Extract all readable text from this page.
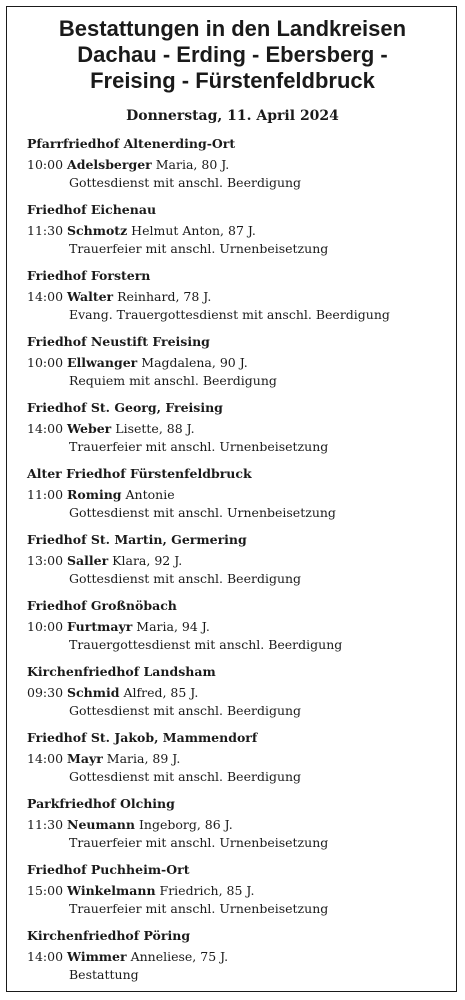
Bestattungen in den Landkreisen
Dachau - Erding - Ebersberg -
Freising - Fürstenfeldbruck
Donnerstag, 11. April 2024
Pfarrfriedhof Altenerding-Ort
10:00 Adelsberger Maria, 80 J.
Gottesdienst mit anschl. Beerdigung
Friedhof Eichenau
11:30 Schmotz Helmut Anton, 87 J.
Trauerfeier mit anschl. Urnenbeisetzung
Friedhof Forstern
14:00 Walter Reinhard, 78 J.
Evang. Trauergottesdienst mit anschl. Beerdigung
Friedhof Neustift Freising
10:00 Ellwanger Magdalena, 90 J.
Requiem mit anschl. Beerdigung
Friedhof St. Georg, Freising
14:00 Weber Lisette, 88 J.
Trauerfeier mit anschl. Urnenbeisetzung
Alter Friedhof Fürstenfeldbruck
11:00 Roming Antonie
Gottesdienst mit anschl. Urnenbeisetzung
Friedhof St. Martin, Germering
13:00 Saller Klara, 92 J.
Gottesdienst mit anschl. Beerdigung
Friedhof Großnöbach
10:00 Furtmayr Maria, 94 J.
Trauergottesdienst mit anschl. Beerdigung
Kirchenfriedhof Landsham
09:30 Schmid Alfred, 85 J.
Gottesdienst mit anschl. Beerdigung
Friedhof St. Jakob, Mammendorf
14:00 Mayr Maria, 89 J.
Gottesdienst mit anschl. Beerdigung
Parkfriedhof Olching
11:30 Neumann Ingeborg, 86 J.
Trauerfeier mit anschl. Urnenbeisetzung
Friedhof Puchheim-Ort
15:00 Winkelmann Friedrich, 85 J.
Trauerfeier mit anschl. Urnenbeisetzung
Kirchenfriedhof Pöring
14:00 Wimmer Anneliese, 75 J.
Bestattung
